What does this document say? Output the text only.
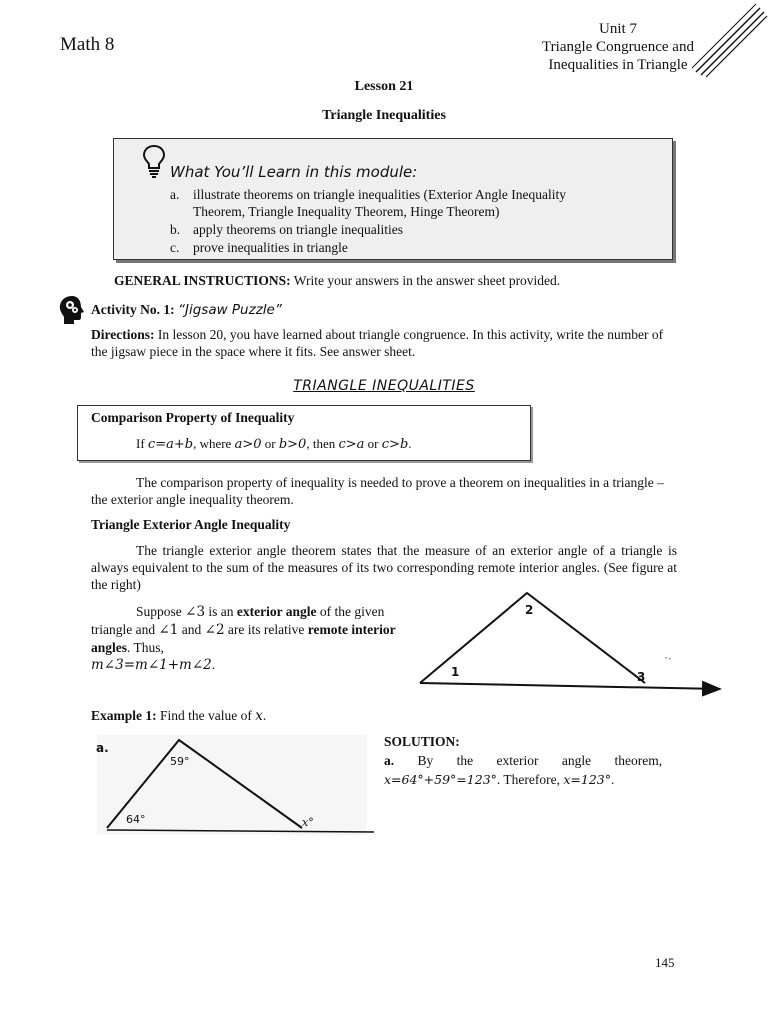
Math 8
Unit 7
Triangle Congruence and
Inequalities in Triangle
Lesson 21
Triangle Inequalities
What You’ll Learn in this module:
a. illustrate theorems on triangle inequalities (Exterior Angle Inequality
Theorem, Triangle Inequality Theorem, Hinge Theorem)
b. apply theorems on triangle inequalities
c. prove inequalities in triangle
GENERAL INSTRUCTIONS: Write your answers in the answer sheet provided.
Activity No. 1: “Jigsaw Puzzle”
Directions: In lesson 20, you have learned about triangle congruence. In this activity, write the number of the jigsaw piece in the space where it fits. See answer sheet.
TRIANGLE INEQUALITIES
Comparison Property of Inequality
If c=a+b, where a>0 or b>0, then c>a or c>b.
The comparison property of inequality is needed to prove a theorem on inequalities in a triangle – the exterior angle inequality theorem.
Triangle Exterior Angle Inequality
The triangle exterior angle theorem states that the measure of an exterior angle of a triangle is always equivalent to the sum of the measures of its two corresponding remote interior angles. (See figure at the right)
Suppose ∠3 is an exterior angle of the given triangle and ∠1 and ∠2 are its relative remote interior angles. Thus,
m∠3=m∠1+m∠2.
2
1	3
Example 1: Find the value of x.
a.
59°
64°	x°
SOLUTION:
a. By the exterior angle theorem,
x=64°+59°=123°. Therefore, x=123°.
145
